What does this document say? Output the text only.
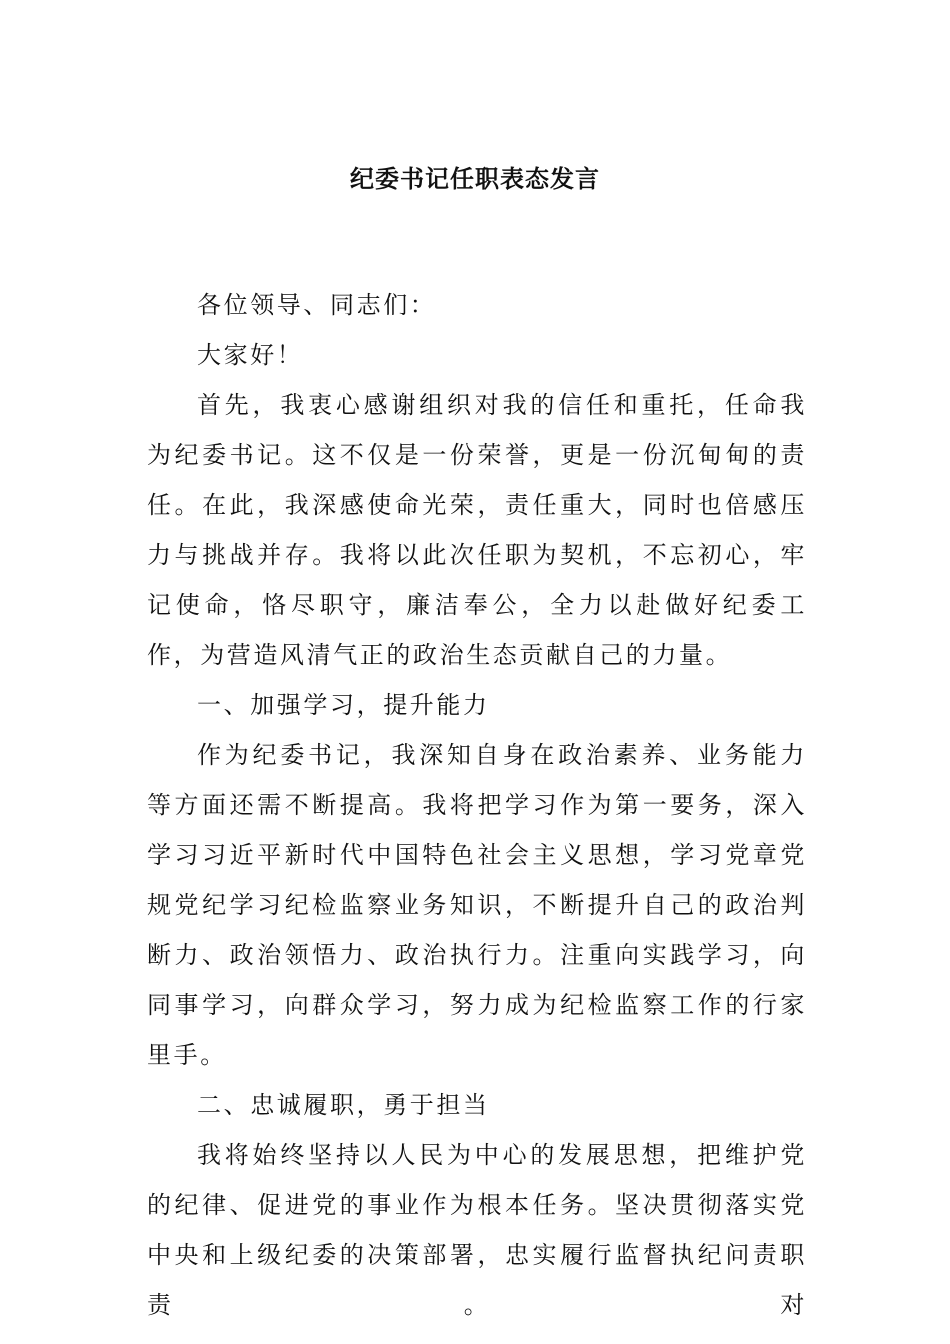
纪委书记任职表态发言

各位领导、同志们：

大家好！

首先，我衷心感谢组织对我的信任和重托，任命我为纪委书记。这不仅是一份荣誉，更是一份沉甸甸的责任。在此，我深感使命光荣，责任重大，同时也倍感压力与挑战并存。我将以此次任职为契机，不忘初心，牢记使命，恪尽职守，廉洁奉公，全力以赴做好纪委工作，为营造风清气正的政治生态贡献自己的力量。

一、加强学习，提升能力

作为纪委书记，我深知自身在政治素养、业务能力等方面还需不断提高。我将把学习作为第一要务，深入学习习近平新时代中国特色社会主义思想，学习党章党规党纪学习纪检监察业务知识，不断提升自己的政治判断力、政治领悟力、政治执行力。注重向实践学习，向同事学习，向群众学习，努力成为纪检监察工作的行家里手。

二、忠诚履职，勇于担当

我将始终坚持以人民为中心的发展思想，把维护党的纪律、促进党的事业作为根本任务。坚决贯彻落实党中央和上级纪委的决策部署，忠实履行监督执纪问责职责。对
